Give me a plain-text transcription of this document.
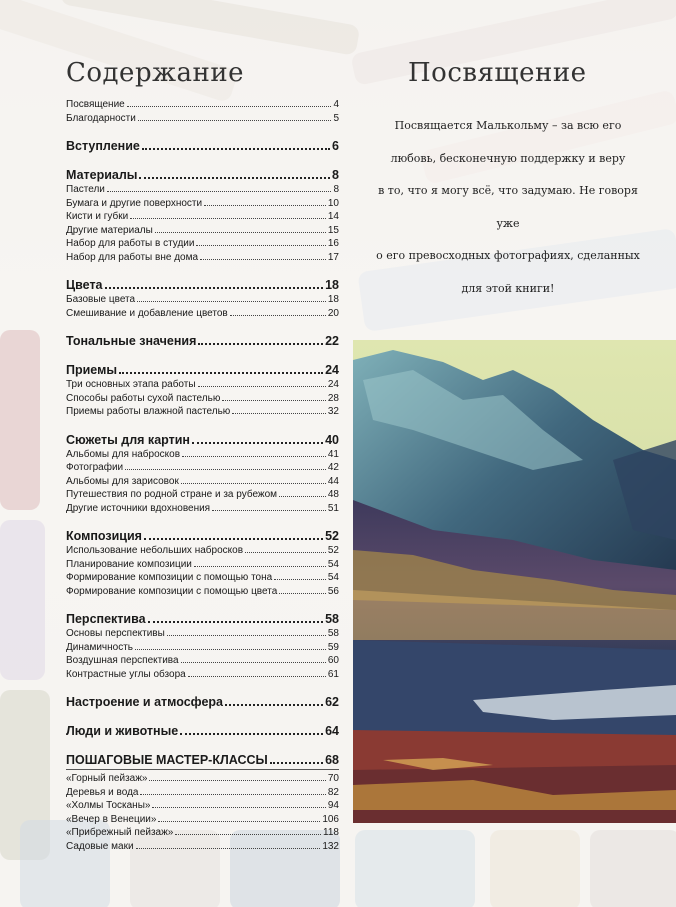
Содержание	Посвящение
Посвящение	4
Благодарности	5
Вступление	6
Материалы	8
Пастели	8
Бумага и другие поверхности	10
Кисти и губки	14
Другие материалы	15
Набор для работы в студии	16
Набор для работы вне дома	17
Цвета	18
Базовые цвета	18
Смешивание и добавление цветов	20
Тональные значения	22
Приемы	24
Три основных этапа работы	24
Способы работы сухой пастелью	28
Приемы работы влажной пастелью	32
Сюжеты для картин	40
Альбомы для набросков	41
Фотографии	42
Альбомы для зарисовок	44
Путешествия по родной стране и за рубежом	48
Другие источники вдохновения	51
Композиция	52
Использование небольших набросков	52
Планирование композиции	54
Формирование композиции с помощью тона	54
Формирование композиции с помощью цвета	56
Перспектива	58
Основы перспективы	58
Динамичность	59
Воздушная перспектива	60
Контрастные углы обзора	61
Настроение и атмосфера	62
Люди и животные	64
ПОШАГОВЫЕ МАСТЕР-КЛАССЫ	68
«Горный пейзаж»	70
Деревья и вода	82
«Холмы Тосканы»	94
«Вечер в Венеции»	106
«Прибрежный пейзаж»	118
Садовые маки	132
Посвящается Малькольму – за всю его
любовь, бесконечную поддержку и веру
в то, что я могу всё, что задумаю. Не говоря уже
о его превосходных фотографиях, сделанных
для этой книги!
